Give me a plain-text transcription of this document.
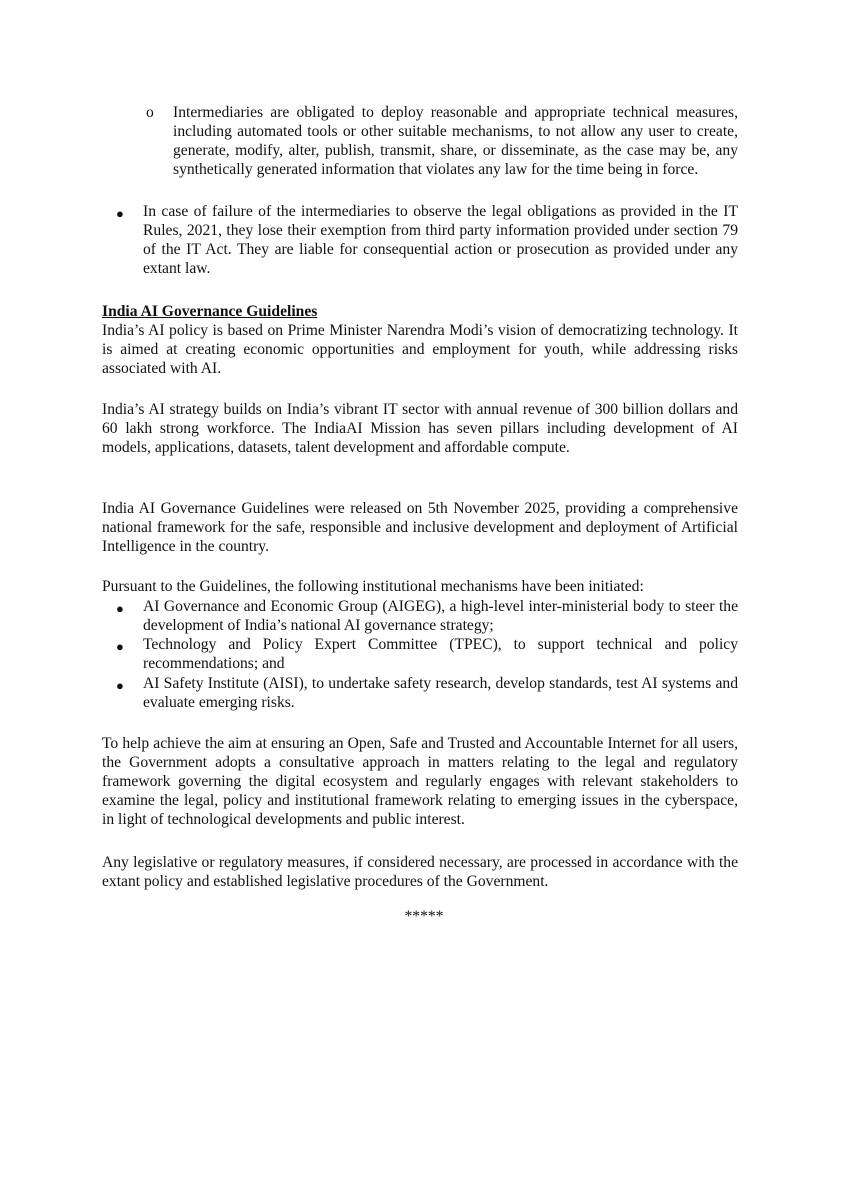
o Intermediaries are obligated to deploy reasonable and appropriate technical measures, including automated tools or other suitable mechanisms, to not allow any user to create, generate, modify, alter, publish, transmit, share, or disseminate, as the case may be, any synthetically generated information that violates any law for the time being in force.
● In case of failure of the intermediaries to observe the legal obligations as provided in the IT Rules, 2021, they lose their exemption from third party information provided under section 79 of the IT Act. They are liable for consequential action or prosecution as provided under any extant law.
India AI Governance Guidelines
India’s AI policy is based on Prime Minister Narendra Modi’s vision of democratizing technology. It is aimed at creating economic opportunities and employment for youth, while addressing risks associated with AI.
India’s AI strategy builds on India’s vibrant IT sector with annual revenue of 300 billion dollars and 60 lakh strong workforce. The IndiaAI Mission has seven pillars including development of AI models, applications, datasets, talent development and affordable compute.
India AI Governance Guidelines were released on 5th November 2025, providing a comprehensive national framework for the safe, responsible and inclusive development and deployment of Artificial Intelligence in the country.
Pursuant to the Guidelines, the following institutional mechanisms have been initiated:
● AI Governance and Economic Group (AIGEG), a high-level inter-ministerial body to steer the development of India’s national AI governance strategy;
● Technology and Policy Expert Committee (TPEC), to support technical and policy recommendations; and
● AI Safety Institute (AISI), to undertake safety research, develop standards, test AI systems and evaluate emerging risks.
To help achieve the aim at ensuring an Open, Safe and Trusted and Accountable Internet for all users, the Government adopts a consultative approach in matters relating to the legal and regulatory framework governing the digital ecosystem and regularly engages with relevant stakeholders to examine the legal, policy and institutional framework relating to emerging issues in the cyberspace, in light of technological developments and public interest.
Any legislative or regulatory measures, if considered necessary, are processed in accordance with the extant policy and established legislative procedures of the Government.
*****
